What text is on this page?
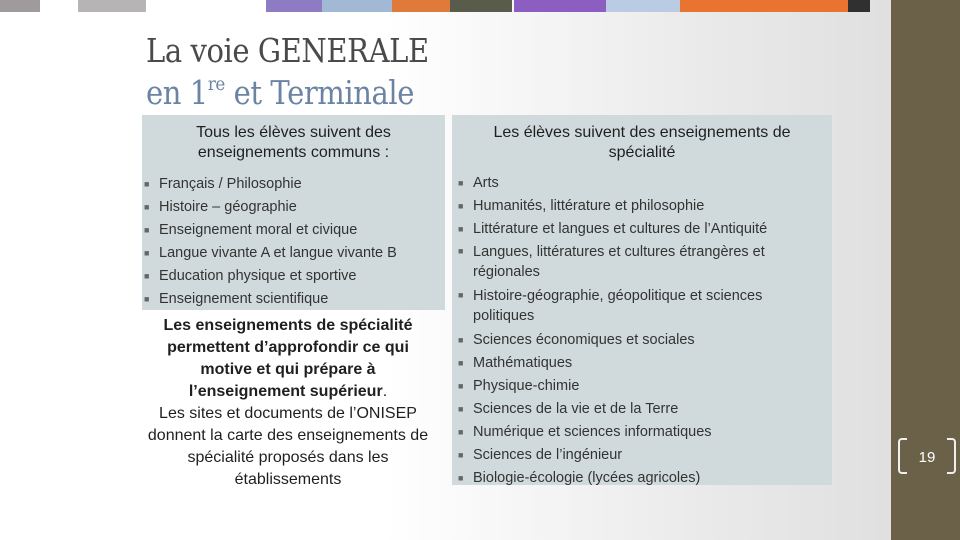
La voie GENERALE
en 1re et Terminale
Tous les élèves suivent des enseignements communs :
■ Français / Philosophie
■ Histoire – géographie
■ Enseignement moral et civique
■ Langue vivante A et langue vivante B
■ Education physique et sportive
■ Enseignement scientifique
Les élèves suivent des enseignements de spécialité
■ Arts
■ Humanités, littérature et philosophie
■ Littérature et langues et cultures de l’Antiquité
■ Langues, littératures et cultures étrangères et régionales
■ Histoire-géographie, géopolitique et sciences politiques
■ Sciences économiques et sociales
■ Mathématiques
■ Physique-chimie
■ Sciences de la vie et de la Terre
■ Numérique et sciences informatiques
■ Sciences de l’ingénieur
■ Biologie-écologie (lycées agricoles)
Les enseignements de spécialité permettent d’approfondir ce qui motive et qui prépare à l’enseignement supérieur.
Les sites et documents de l’ONISEP donnent la carte des enseignements de spécialité proposés dans les établissements
19
